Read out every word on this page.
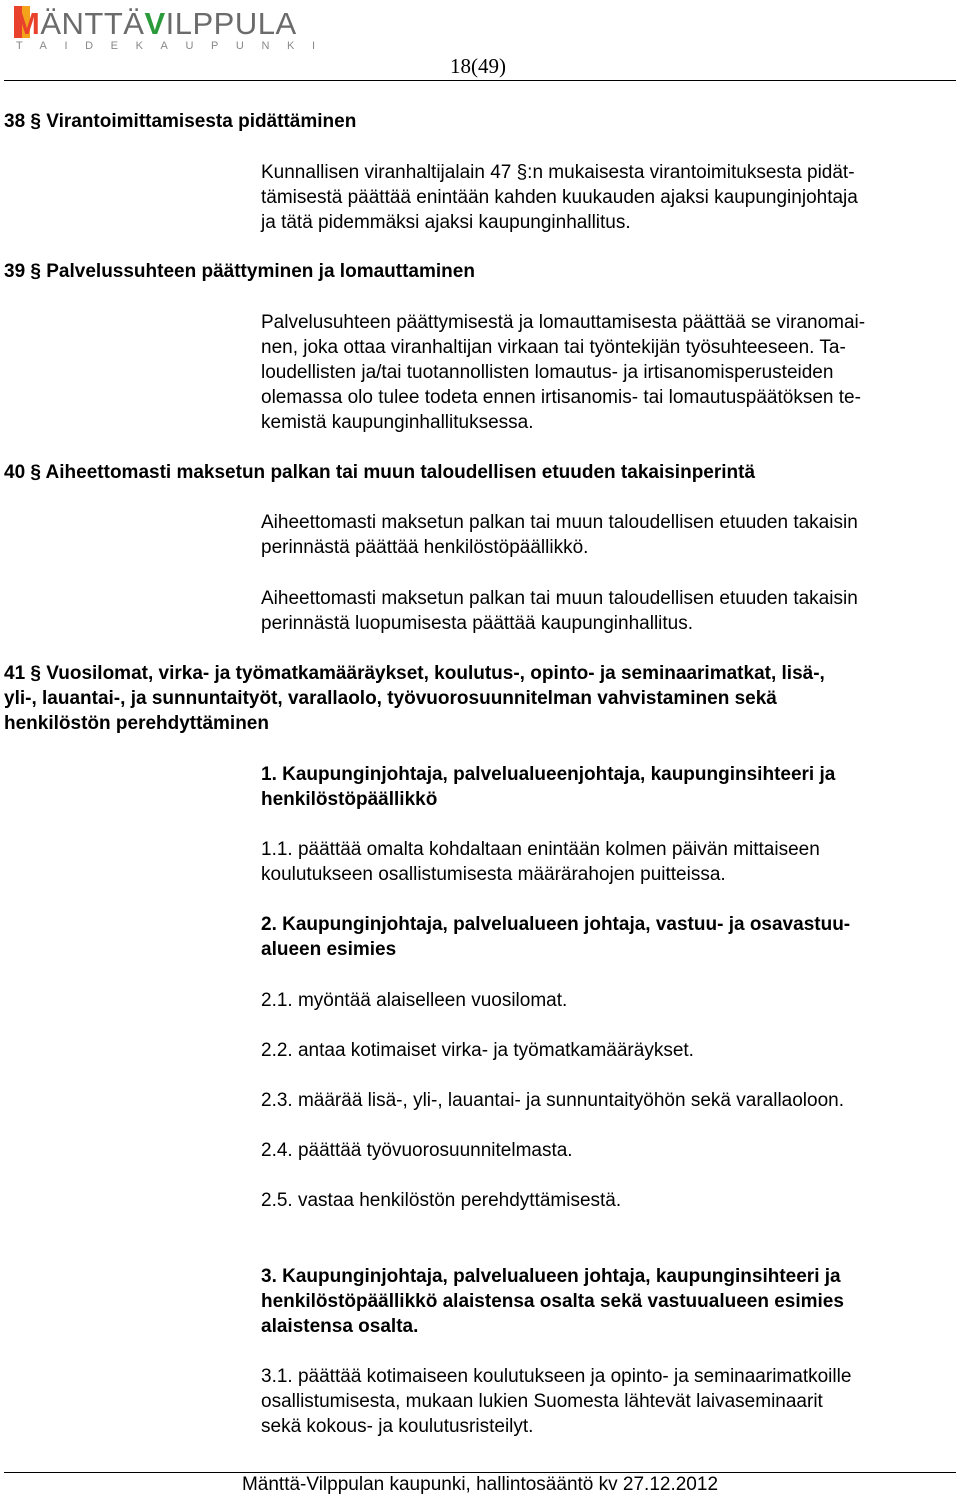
MÄNTTÄVILPPULA
TAIDEKAUPUNKI
18(49)
38 § Virantoimittamisesta pidättäminen
Kunnallisen viranhaltijalain 47 §:n mukaisesta virantoimituksesta pidät-
tämisestä päättää enintään kahden kuukauden ajaksi kaupunginjohtaja
ja tätä pidemmäksi ajaksi kaupunginhallitus.
39 § Palvelussuhteen päättyminen ja lomauttaminen
Palvelusuhteen päättymisestä ja lomauttamisesta päättää se viranomai-
nen, joka ottaa viranhaltijan virkaan tai työntekijän työsuhteeseen. Ta-
loudellisten ja/tai tuotannollisten lomautus- ja irtisanomisperusteiden
olemassa olo tulee todeta ennen irtisanomis- tai lomautuspäätöksen te-
kemistä kaupunginhallituksessa.
40 § Aiheettomasti maksetun palkan tai muun taloudellisen etuuden takaisinperintä
Aiheettomasti maksetun palkan tai muun taloudellisen etuuden takaisin
perinnästä päättää henkilöstöpäällikkö.
Aiheettomasti maksetun palkan tai muun taloudellisen etuuden takaisin
perinnästä luopumisesta päättää kaupunginhallitus.
41 § Vuosilomat, virka- ja työmatkamääräykset, koulutus-, opinto- ja seminaarimatkat, lisä-,
yli-, lauantai-, ja sunnuntaityöt, varallaolo, työvuorosuunnitelman vahvistaminen sekä
henkilöstön perehdyttäminen
1. Kaupunginjohtaja, palvelualueenjohtaja, kaupunginsihteeri ja
henkilöstöpäällikkö
1.1. päättää omalta kohdaltaan enintään kolmen päivän mittaiseen
koulutukseen osallistumisesta määrärahojen puitteissa.
2. Kaupunginjohtaja, palvelualueen johtaja, vastuu- ja osavastuu-
alueen esimies
2.1. myöntää alaiselleen vuosilomat.
2.2. antaa kotimaiset virka- ja työmatkamääräykset.
2.3. määrää lisä-, yli-, lauantai- ja sunnuntaityöhön sekä varallaoloon.
2.4. päättää työvuorosuunnitelmasta.
2.5. vastaa henkilöstön perehdyttämisestä.
3. Kaupunginjohtaja, palvelualueen johtaja, kaupunginsihteeri ja
henkilöstöpäällikkö alaistensa osalta sekä vastuualueen esimies
alaistensa osalta.
3.1. päättää kotimaiseen koulutukseen ja opinto- ja seminaarimatkoille
osallistumisesta, mukaan lukien Suomesta lähtevät laivaseminaarit
sekä kokous- ja koulutusristeilyt.
Mänttä-Vilppulan kaupunki, hallintosääntö kv 27.12.2012
